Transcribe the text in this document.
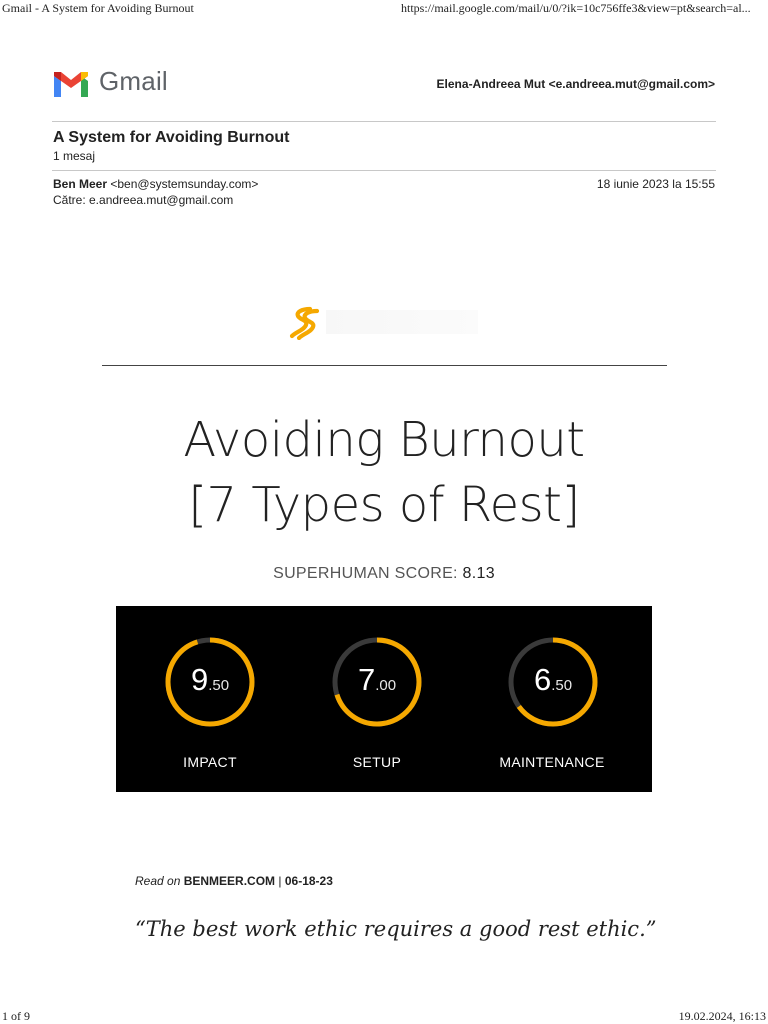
Gmail - A System for Avoiding Burnout	https://mail.google.com/mail/u/0/?ik=10c756ffe3&view=pt&search=al...
Gmail	Elena-Andreea Mut <e.andreea.mut@gmail.com>
A System for Avoiding Burnout
1 mesaj
Ben Meer <ben@systemsunday.com>
Către: e.andreea.mut@gmail.com
18 iunie 2023 la 15:55
Avoiding Burnout
[7 Types of Rest]
SUPERHUMAN SCORE: 8.13
9.50
IMPACT
7.00
SETUP
6.50
MAINTENANCE
Read on BENMEER.COM | 06-18-23
“The best work ethic requires a good rest ethic.”
1 of 9	19.02.2024, 16:13
